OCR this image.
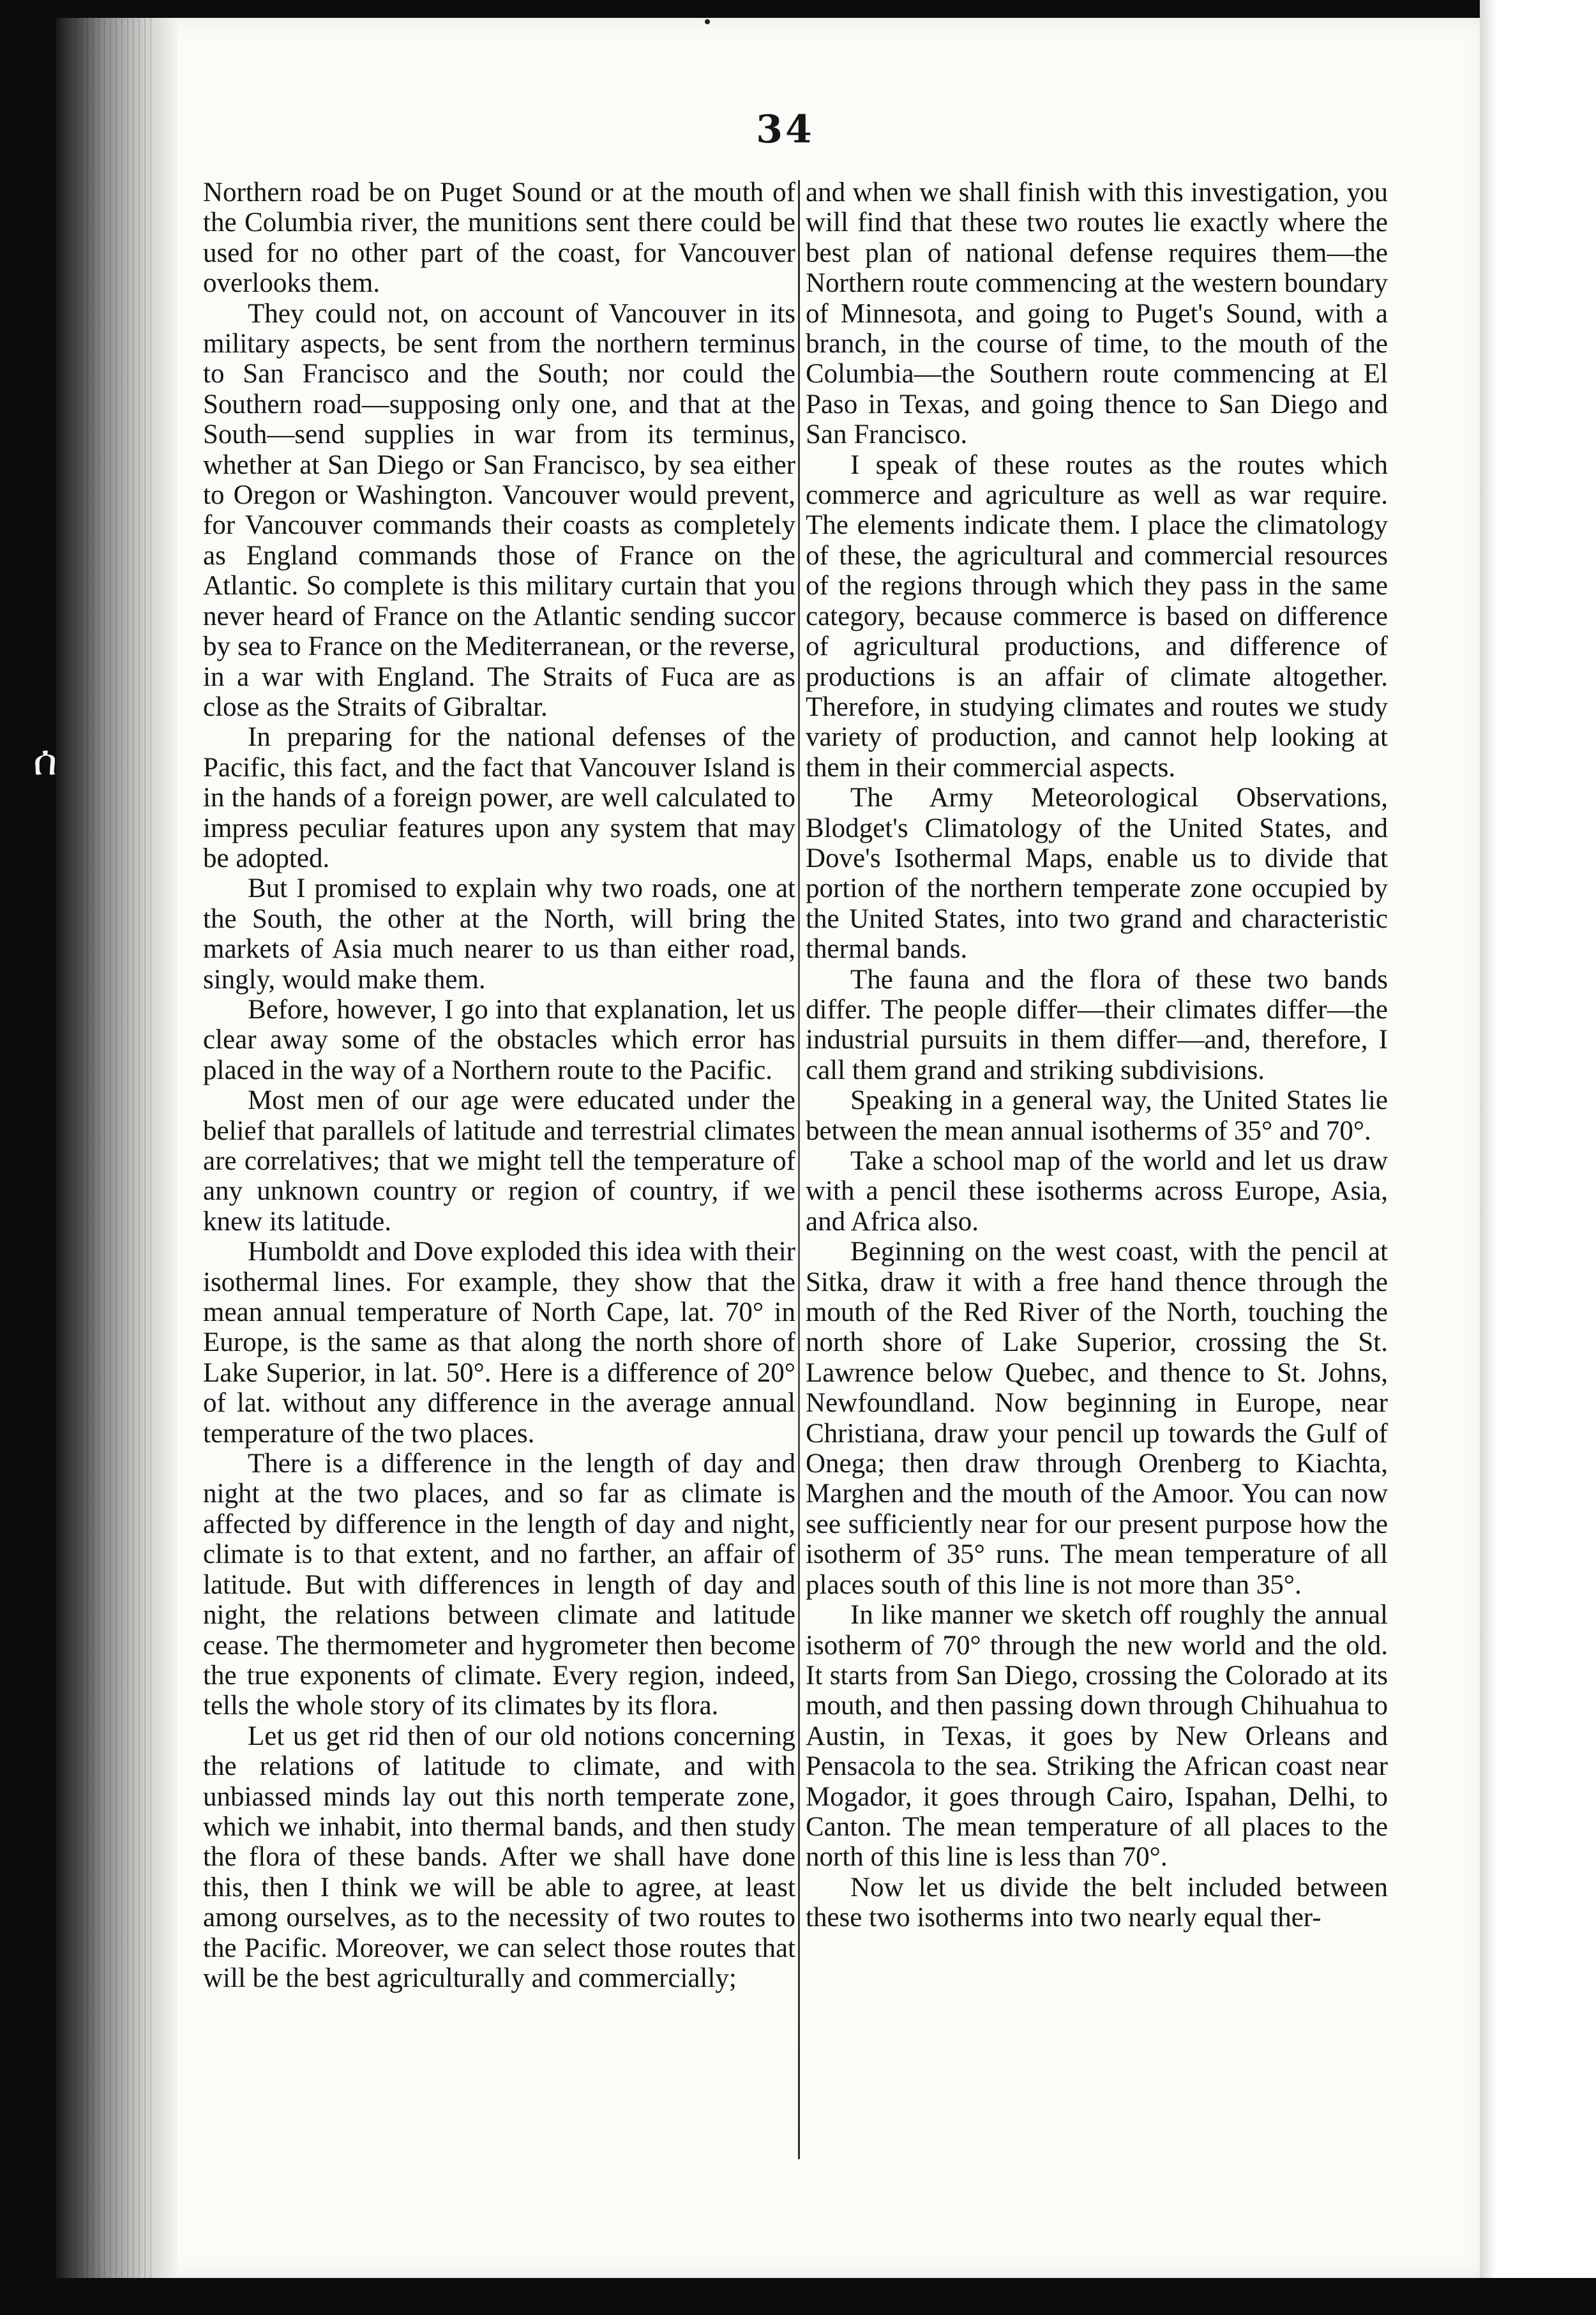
ሰ
34

Northern road be on Puget Sound or at the mouth of the Columbia river, the munitions sent there could be used for no other part of the coast, for Vancouver overlooks them.

They could not, on account of Vancouver in its military aspects, be sent from the northern terminus to San Francisco and the South; nor could the Southern road—supposing only one, and that at the South—send supplies in war from its terminus, whether at San Diego or San Francisco, by sea either to Oregon or Washington. Vancouver would prevent, for Vancouver commands their coasts as completely as England commands those of France on the Atlantic. So complete is this military curtain that you never heard of France on the Atlantic sending succor by sea to France on the Mediterranean, or the reverse, in a war with England. The Straits of Fuca are as close as the Straits of Gibraltar.

In preparing for the national defenses of the Pacific, this fact, and the fact that Vancouver Island is in the hands of a foreign power, are well calculated to impress peculiar features upon any system that may be adopted.

But I promised to explain why two roads, one at the South, the other at the North, will bring the markets of Asia much nearer to us than either road, singly, would make them.

Before, however, I go into that explanation, let us clear away some of the obstacles which error has placed in the way of a Northern route to the Pacific.

Most men of our age were educated under the belief that parallels of latitude and terrestrial climates are correlatives; that we might tell the temperature of any unknown country or region of country, if we knew its latitude.

Humboldt and Dove exploded this idea with their isothermal lines. For example, they show that the mean annual temperature of North Cape, lat. 70° in Europe, is the same as that along the north shore of Lake Superior, in lat. 50°. Here is a difference of 20° of lat. without any difference in the average annual temperature of the two places.

There is a difference in the length of day and night at the two places, and so far as climate is affected by difference in the length of day and night, climate is to that extent, and no farther, an affair of latitude. But with differences in length of day and night, the relations between climate and latitude cease. The thermometer and hygrometer then become the true exponents of climate. Every region, indeed, tells the whole story of its climates by its flora.

Let us get rid then of our old notions concerning the relations of latitude to climate, and with unbiassed minds lay out this north temperate zone, which we inhabit, into thermal bands, and then study the flora of these bands. After we shall have done this, then I think we will be able to agree, at least among ourselves, as to the necessity of two routes to the Pacific. Moreover, we can select those routes that will be the best agriculturally and commercially;

and when we shall finish with this investigation, you will find that these two routes lie exactly where the best plan of national defense requires them—the Northern route commencing at the western boundary of Minnesota, and going to Puget's Sound, with a branch, in the course of time, to the mouth of the Columbia—the Southern route commencing at El Paso in Texas, and going thence to San Diego and San Francisco.

I speak of these routes as the routes which commerce and agriculture as well as war require. The elements indicate them. I place the climatology of these, the agricultural and commercial resources of the regions through which they pass in the same category, because commerce is based on difference of agricultural productions, and difference of productions is an affair of climate altogether. Therefore, in studying climates and routes we study variety of production, and cannot help looking at them in their commercial aspects.

The Army Meteorological Observations, Blodget's Climatology of the United States, and Dove's Isothermal Maps, enable us to divide that portion of the northern temperate zone occupied by the United States, into two grand and characteristic thermal bands.

The fauna and the flora of these two bands differ. The people differ—their climates differ—the industrial pursuits in them differ—and, therefore, I call them grand and striking subdivisions.

Speaking in a general way, the United States lie between the mean annual isotherms of 35° and 70°.

Take a school map of the world and let us draw with a pencil these isotherms across Europe, Asia, and Africa also.

Beginning on the west coast, with the pencil at Sitka, draw it with a free hand thence through the mouth of the Red River of the North, touching the north shore of Lake Superior, crossing the St. Lawrence below Quebec, and thence to St. Johns, Newfoundland. Now beginning in Europe, near Christiana, draw your pencil up towards the Gulf of Onega; then draw through Orenberg to Kiachta, Marghen and the mouth of the Amoor. You can now see sufficiently near for our present purpose how the isotherm of 35° runs. The mean temperature of all places south of this line is not more than 35°.

In like manner we sketch off roughly the annual isotherm of 70° through the new world and the old. It starts from San Diego, crossing the Colorado at its mouth, and then passing down through Chihuahua to Austin, in Texas, it goes by New Orleans and Pensacola to the sea. Striking the African coast near Mogador, it goes through Cairo, Ispahan, Delhi, to Canton. The mean temperature of all places to the north of this line is less than 70°.

Now let us divide the belt included between these two isotherms into two nearly equal ther-
